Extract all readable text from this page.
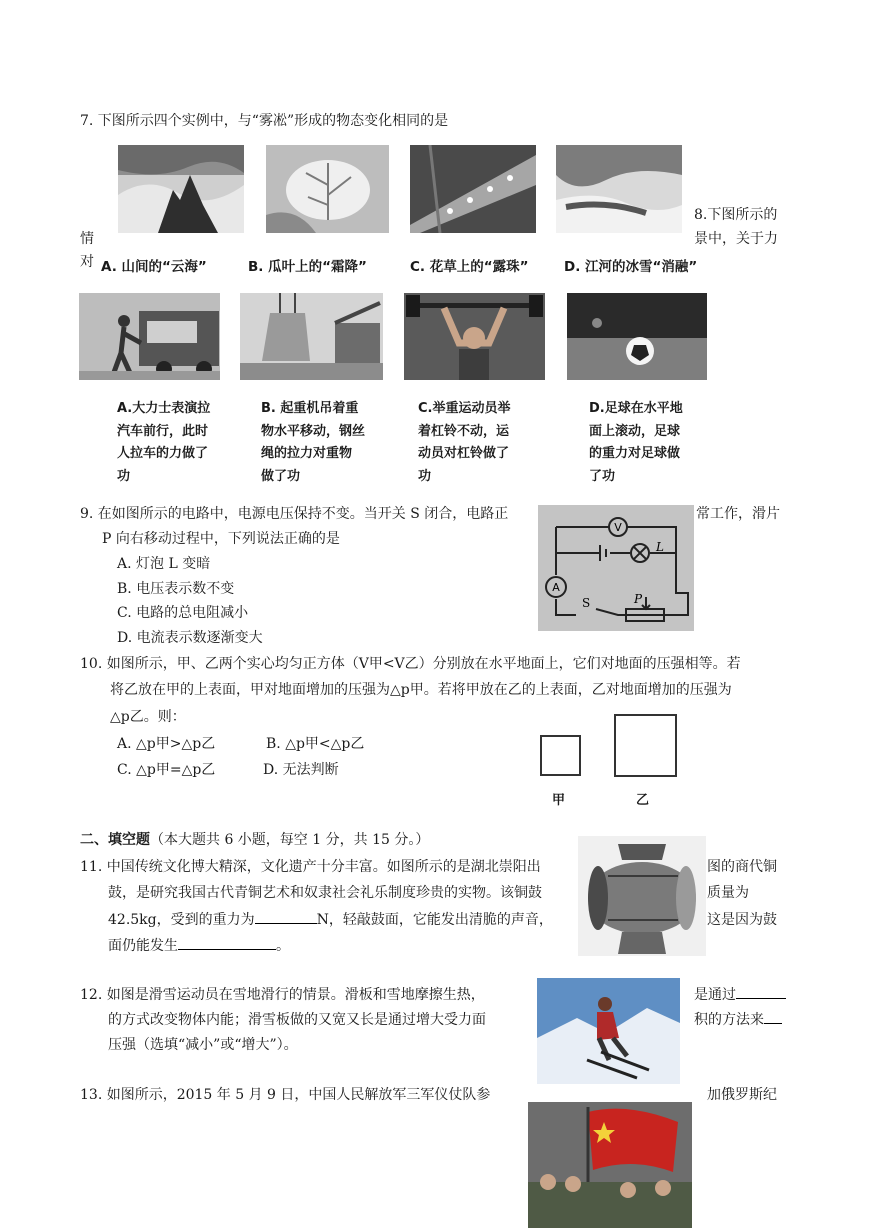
7. 下图所示四个实例中，与“雾凇”形成的物态变化相同的是
8.下图所示的
情	景中，关于力
对 A. 山间的“云海”	B. 瓜叶上的“霜降”	C. 花草上的“露珠”	D. 江河的冰雪“消融”
A.大力士表演拉
汽车前行，此时
人拉车的力做了
功
B. 起重机吊着重
物水平移动，钢丝
绳的拉力对重物
做了功
C.举重运动员举
着杠铃不动，运
动员对杠铃做了
功
D.足球在水平地
面上滚动，足球
的重力对足球做
了功
9. 在如图所示的电路中，电源电压保持不变。当开关 S 闭合，电路正	常工作，滑片
P 向右移动过程中，下列说法正确的是
A. 灯泡 L 变暗
B. 电压表示数不变
C. 电路的总电阻减小
D. 电流表示数逐渐变大
V
A
L
S	P
10. 如图所示，甲、乙两个实心均匀正方体（V甲<V乙）分别放在水平地面上，它们对地面的压强相等。若
将乙放在甲的上表面，甲对地面增加的压强为△p甲。若将甲放在乙的上表面，乙对地面增加的压强为
△p乙。则：
A. △p甲>△p乙	B. △p甲<△p乙
C. △p甲=△p乙	D. 无法判断
甲	乙
二、填空题（本大题共 6 小题，每空 1 分，共 15 分。）
11. 中国传统文化博大精深，文化遗产十分丰富。如图所示的是湖北崇阳出	图的商代铜
鼓，是研究我国古代青铜艺术和奴隶社会礼乐制度珍贵的实物。该铜鼓	质量为
42.5kg，受到的重力为	N，轻敲鼓面，它能发出清脆的声音，	这是因为鼓
面仍能发生	。
12. 如图是滑雪运动员在雪地滑行的情景。滑板和雪地摩擦生热，	是通过
的方式改变物体内能；滑雪板做的又宽又长是通过增大受力面	积的方法来
压强（选填“减小”或“增大”）。
13. 如图所示，2015 年 5 月 9 日，中国人民解放军三军仪仗队参	加俄罗斯纪
